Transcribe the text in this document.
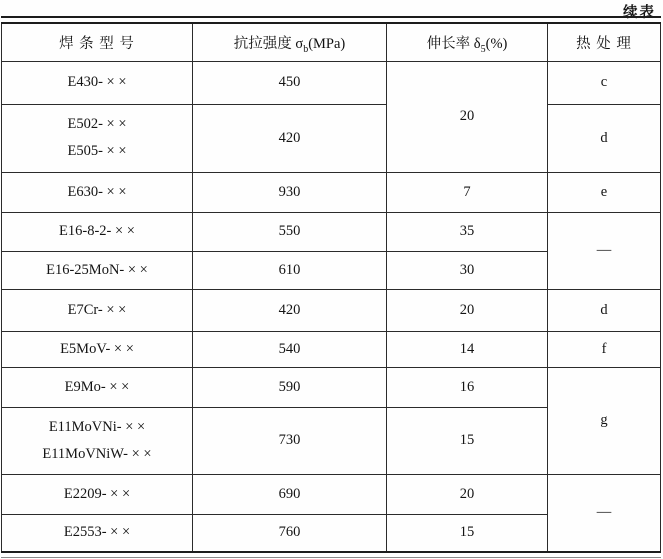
续表
焊 条 型 号	抗拉强度 $\sigma_b(MPa)$	伸长率 $\delta_5(\%)$	热 处 理
E430- × ×	450	20	c

E502- × ×
E505- × ×	420		d
E630- × ×	930	7	e
E16-8-2- × ×	550	35	—
E16-25MoN- × ×	610	30	
E7Cr- × ×	420	20	d
E5MoV- × ×	540	14	f
E9Mo- × ×	590	16	g

E11MoVNi- × ×
E11MoVNiW- × ×	730	15	
E2209- × ×	690	20	—
E2553- × ×	760	15	
